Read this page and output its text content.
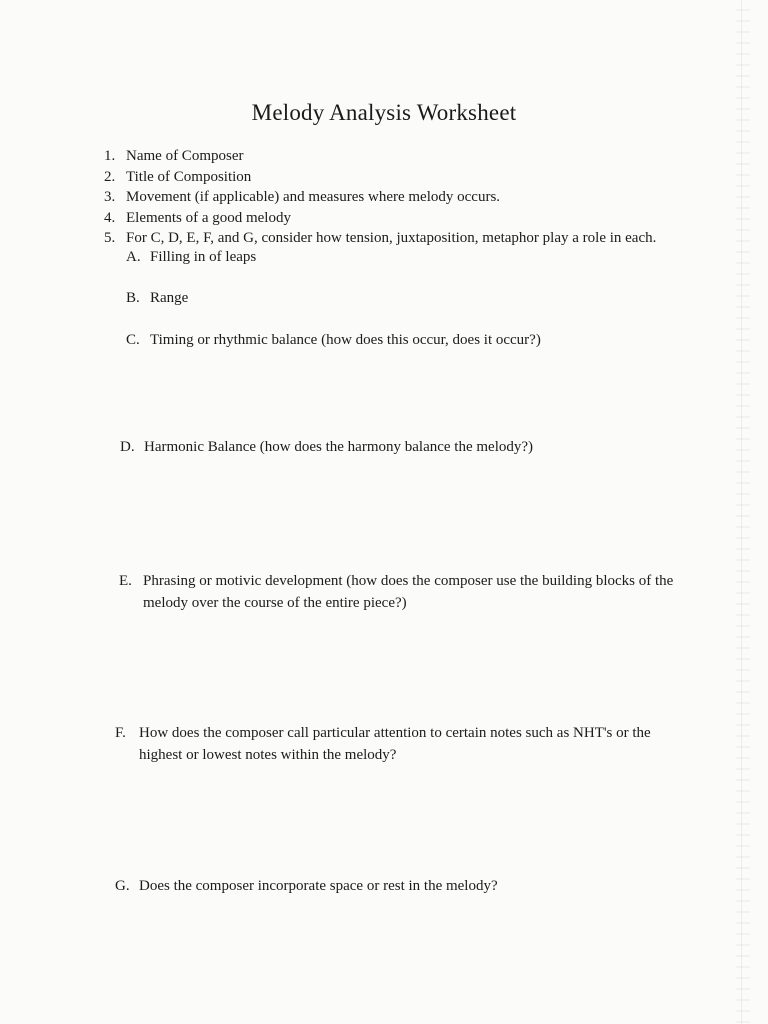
Melody Analysis Worksheet
1. Name of Composer
2. Title of Composition
3. Movement (if applicable) and measures where melody occurs.
4. Elements of a good melody
5. For C, D, E, F, and G, consider how tension, juxtaposition, metaphor play a role in each.
A. Filling in of leaps
B. Range
C. Timing or rhythmic balance (how does this occur, does it occur?)
D. Harmonic Balance (how does the harmony balance the melody?)
E. Phrasing or motivic development (how does the composer use the building blocks of the
melody over the course of the entire piece?)
F. How does the composer call particular attention to certain notes such as NHT's or the
highest or lowest notes within the melody?
G. Does the composer incorporate space or rest in the melody?
